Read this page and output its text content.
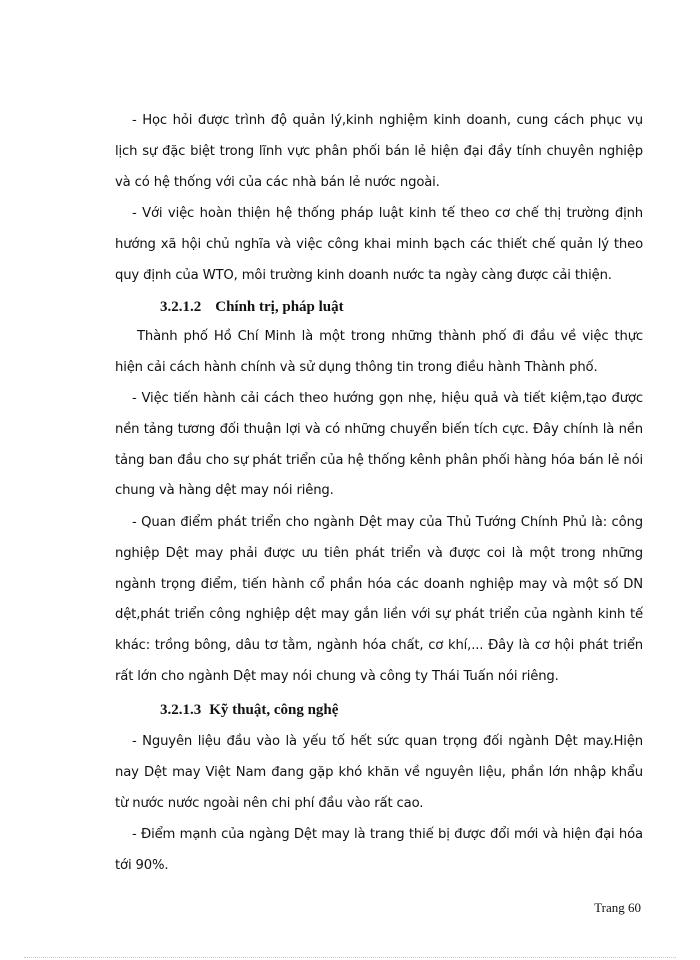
- Học hỏi được trình độ quản lý,kinh nghiệm kinh doanh, cung cách phục vụ lịch sự đặc biệt trong lĩnh vực phân phối bán lẻ hiện đại đầy tính chuyên nghiệp và có hệ thống với của các nhà bán lẻ nước ngoài.

- Với việc hoàn thiện hệ thống pháp luật kinh tế theo cơ chế thị trường định hướng xã hội chủ nghĩa và việc công khai minh bạch các thiết chế quản lý theo quy định của WTO, môi trường kinh doanh nước ta ngày càng được cải thiện.

3.2.1.2 Chính trị, pháp luật

Thành phố Hồ Chí Minh là một trong những thành phố đi đầu về việc thực hiện cải cách hành chính và sử dụng thông tin trong điều hành Thành phố.

- Việc tiến hành cải cách theo hướng gọn nhẹ, hiệu quả và tiết kiệm,tạo được nền tảng tương đối thuận lợi và có những chuyển biến tích cực. Đây chính là nền tảng ban đầu cho sự phát triển của hệ thống kênh phân phối hàng hóa bán lẻ nói chung và hàng dệt may nói riêng.

- Quan điểm phát triển cho ngành Dệt may của Thủ Tướng Chính Phủ là: công nghiệp Dệt may phải được ưu tiên phát triển và được coi là một trong những ngành trọng điểm, tiến hành cổ phần hóa các doanh nghiệp may và một số DN dệt,phát triển công nghiệp dệt may gắn liền với sự phát triển của ngành kinh tế khác: trồng bông, dâu tơ tằm, ngành hóa chất, cơ khí,... Đây là cơ hội phát triển rất lớn cho ngành Dệt may nói chung và công ty Thái Tuấn nói riêng.

3.2.1.3 Kỹ thuật, công nghệ

- Nguyên liệu đầu vào là yếu tố hết sức quan trọng đối ngành Dệt may.Hiện nay Dệt may Việt Nam đang gặp khó khăn về nguyên liệu, phần lớn nhập khẩu từ nước nước ngoài nên chi phí đầu vào rất cao.

- Điểm mạnh của ngàng Dệt may là trang thiế bị được đổi mới và hiện đại hóa tới 90%.

Trang 60
